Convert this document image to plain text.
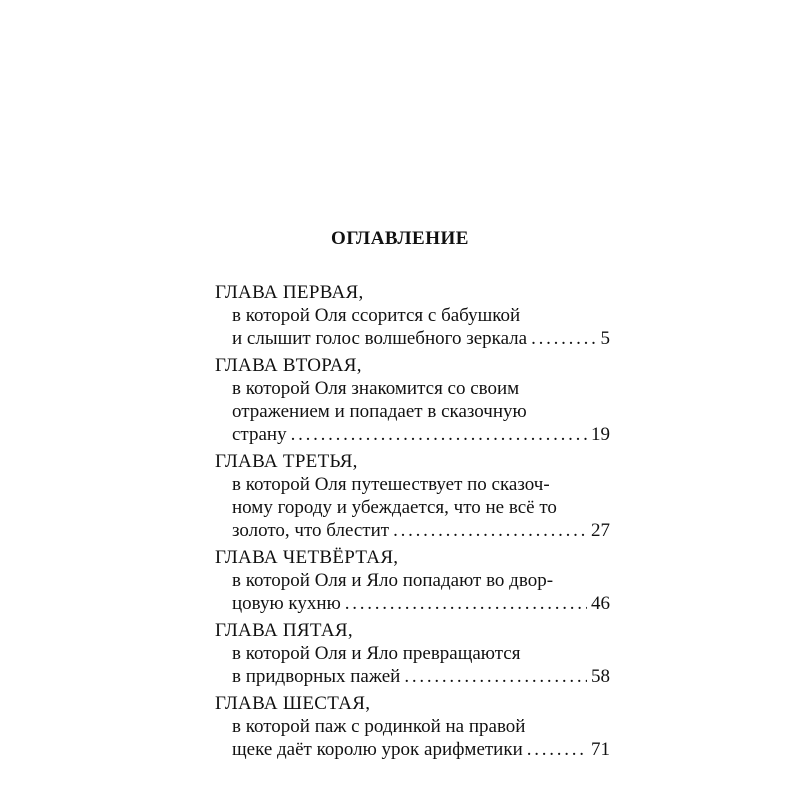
ОГЛАВЛЕНИЕ
ГЛАВА ПЕРВАЯ,
в которой Оля ссорится с бабушкой
и слышит голос волшебного зеркала . . .	5
ГЛАВА ВТОРАЯ,
в которой Оля знакомится со своим
отражением и попадает в сказочную
страну . . .	19
ГЛАВА ТРЕТЬЯ,
в которой Оля путешествует по сказоч-
ному городу и убеждается, что не всё то
золото, что блестит . . .	27
ГЛАВА ЧЕТВЁРТАЯ,
в которой Оля и Яло попадают во двор-
цовую кухню . . .	46
ГЛАВА ПЯТАЯ,
в которой Оля и Яло превращаются
в придворных пажей . . .	58
ГЛАВА ШЕСТАЯ,
в которой паж с родинкой на правой
щеке даёт королю урок арифметики . . .	71
